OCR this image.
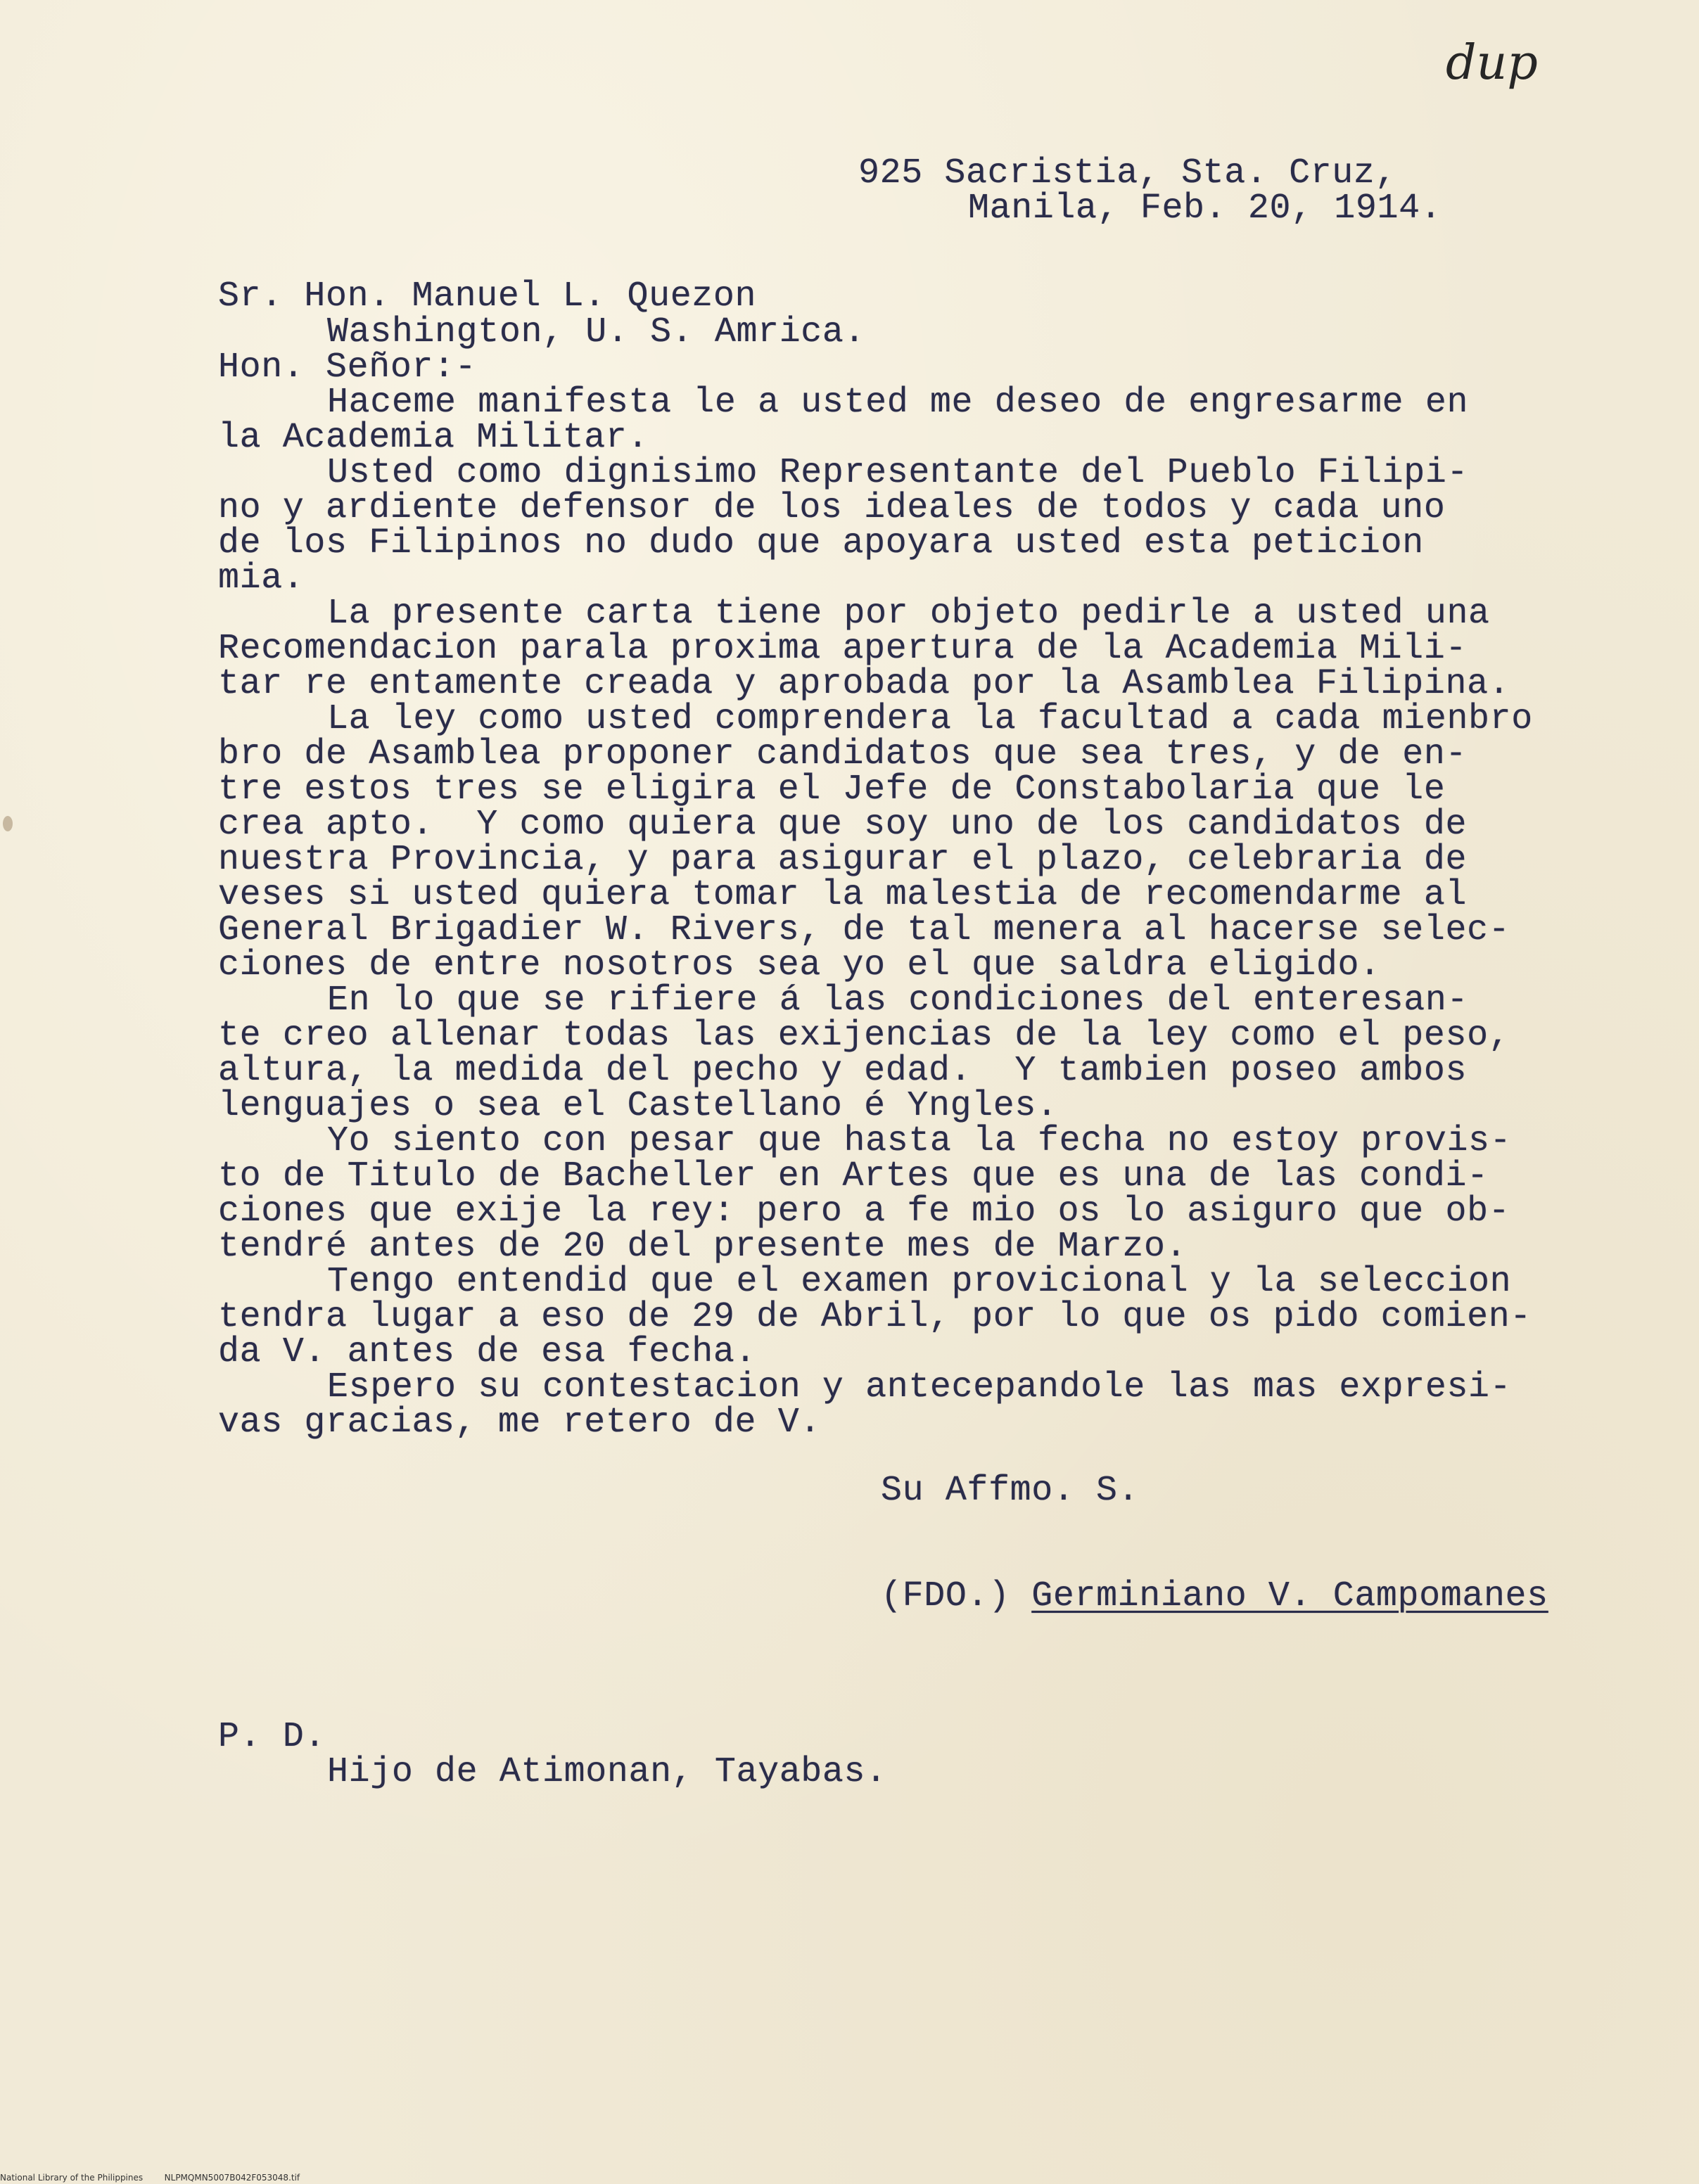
dup
925 Sacristia, Sta. Cruz,
Manila, Feb. 20, 1914.
Sr. Hon. Manuel L. Quezon
Washington, U. S. Amrica.
Hon. Señor:-
Haceme manifesta le a usted me deseo de engresarme en
la Academia Militar.
Usted como dignisimo Representante del Pueblo Filipi-
no y ardiente defensor de los ideales de todos y cada uno
de los Filipinos no dudo que apoyara usted esta peticion
mia.
La presente carta tiene por objeto pedirle a usted una
Recomendacion parala proxima apertura de la Academia Mili-
tar re entamente creada y aprobada por la Asamblea Filipina.
La ley como usted comprendera la facultad a cada mienbro
bro de Asamblea proponer candidatos que sea tres, y de en-
tre estos tres se eligira el Jefe de Constabolaria que le
crea apto.  Y como quiera que soy uno de los candidatos de
nuestra Provincia, y para asigurar el plazo, celebraria de
veses si usted quiera tomar la malestia de recomendarme al
General Brigadier W. Rivers, de tal menera al hacerse selec-
ciones de entre nosotros sea yo el que saldra eligido.
En lo que se rifiere á las condiciones del enteresan-
te creo allenar todas las exijencias de la ley como el peso,
altura, la medida del pecho y edad.  Y tambien poseo ambos
lenguajes o sea el Castellano é Yngles.
Yo siento con pesar que hasta la fecha no estoy provis-
to de Titulo de Bacheller en Artes que es una de las condi-
ciones que exije la rey: pero a fe mio os lo asiguro que ob-
tendré antes de 20 del presente mes de Marzo.
Tengo entendid que el examen provicional y la seleccion
tendra lugar a eso de 29 de Abril, por lo que os pido comien-
da V. antes de esa fecha.
Espero su contestacion y antecepandole las mas expresi-
vas gracias, me retero de V.
Su Affmo. S.
(FDO.) Germiniano V. Campomanes
P. D.
Hijo de Atimonan, Tayabas.
National Library of the Philippines	NLPMQMN5007B042F053048.tif
